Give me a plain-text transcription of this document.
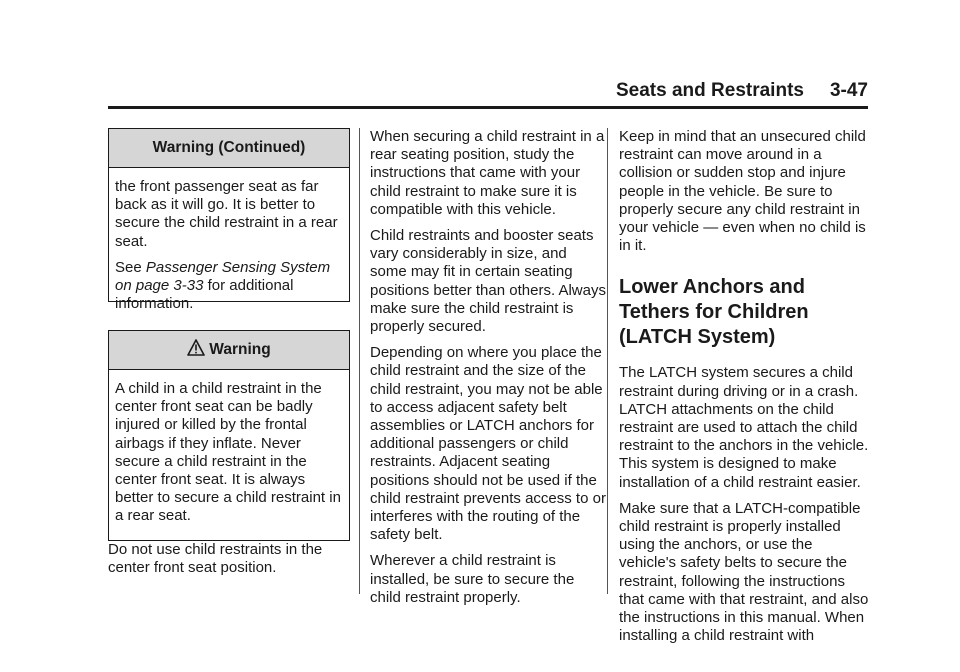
Seats and Restraints 3-47
Warning (Continued)

the front passenger seat as far back as it will go. It is better to secure the child restraint in a rear seat.

See Passenger Sensing System on page 3-33 for additional information.

Warning

A child in a child restraint in the center front seat can be badly injured or killed by the frontal airbags if they inflate. Never secure a child restraint in the center front seat. It is always better to secure a child restraint in a rear seat.

Do not use child restraints in the center front seat position.

When securing a child restraint in a rear seating position, study the instructions that came with your child restraint to make sure it is compatible with this vehicle.

Child restraints and booster seats vary considerably in size, and some may fit in certain seating positions better than others. Always make sure the child restraint is properly secured.

Depending on where you place the child restraint and the size of the child restraint, you may not be able to access adjacent safety belt assemblies or LATCH anchors for additional passengers or child restraints. Adjacent seating positions should not be used if the child restraint prevents access to or interferes with the routing of the safety belt.

Wherever a child restraint is installed, be sure to secure the child restraint properly.

Keep in mind that an unsecured child restraint can move around in a collision or sudden stop and injure people in the vehicle. Be sure to properly secure any child restraint in your vehicle — even when no child is in it.

Lower Anchors and Tethers for Children (LATCH System)

The LATCH system secures a child restraint during driving or in a crash. LATCH attachments on the child restraint are used to attach the child restraint to the anchors in the vehicle. This system is designed to make installation of a child restraint easier.

Make sure that a LATCH-compatible child restraint is properly installed using the anchors, or use the vehicle's safety belts to secure the restraint, following the instructions that came with that restraint, and also the instructions in this manual. When installing a child restraint with
